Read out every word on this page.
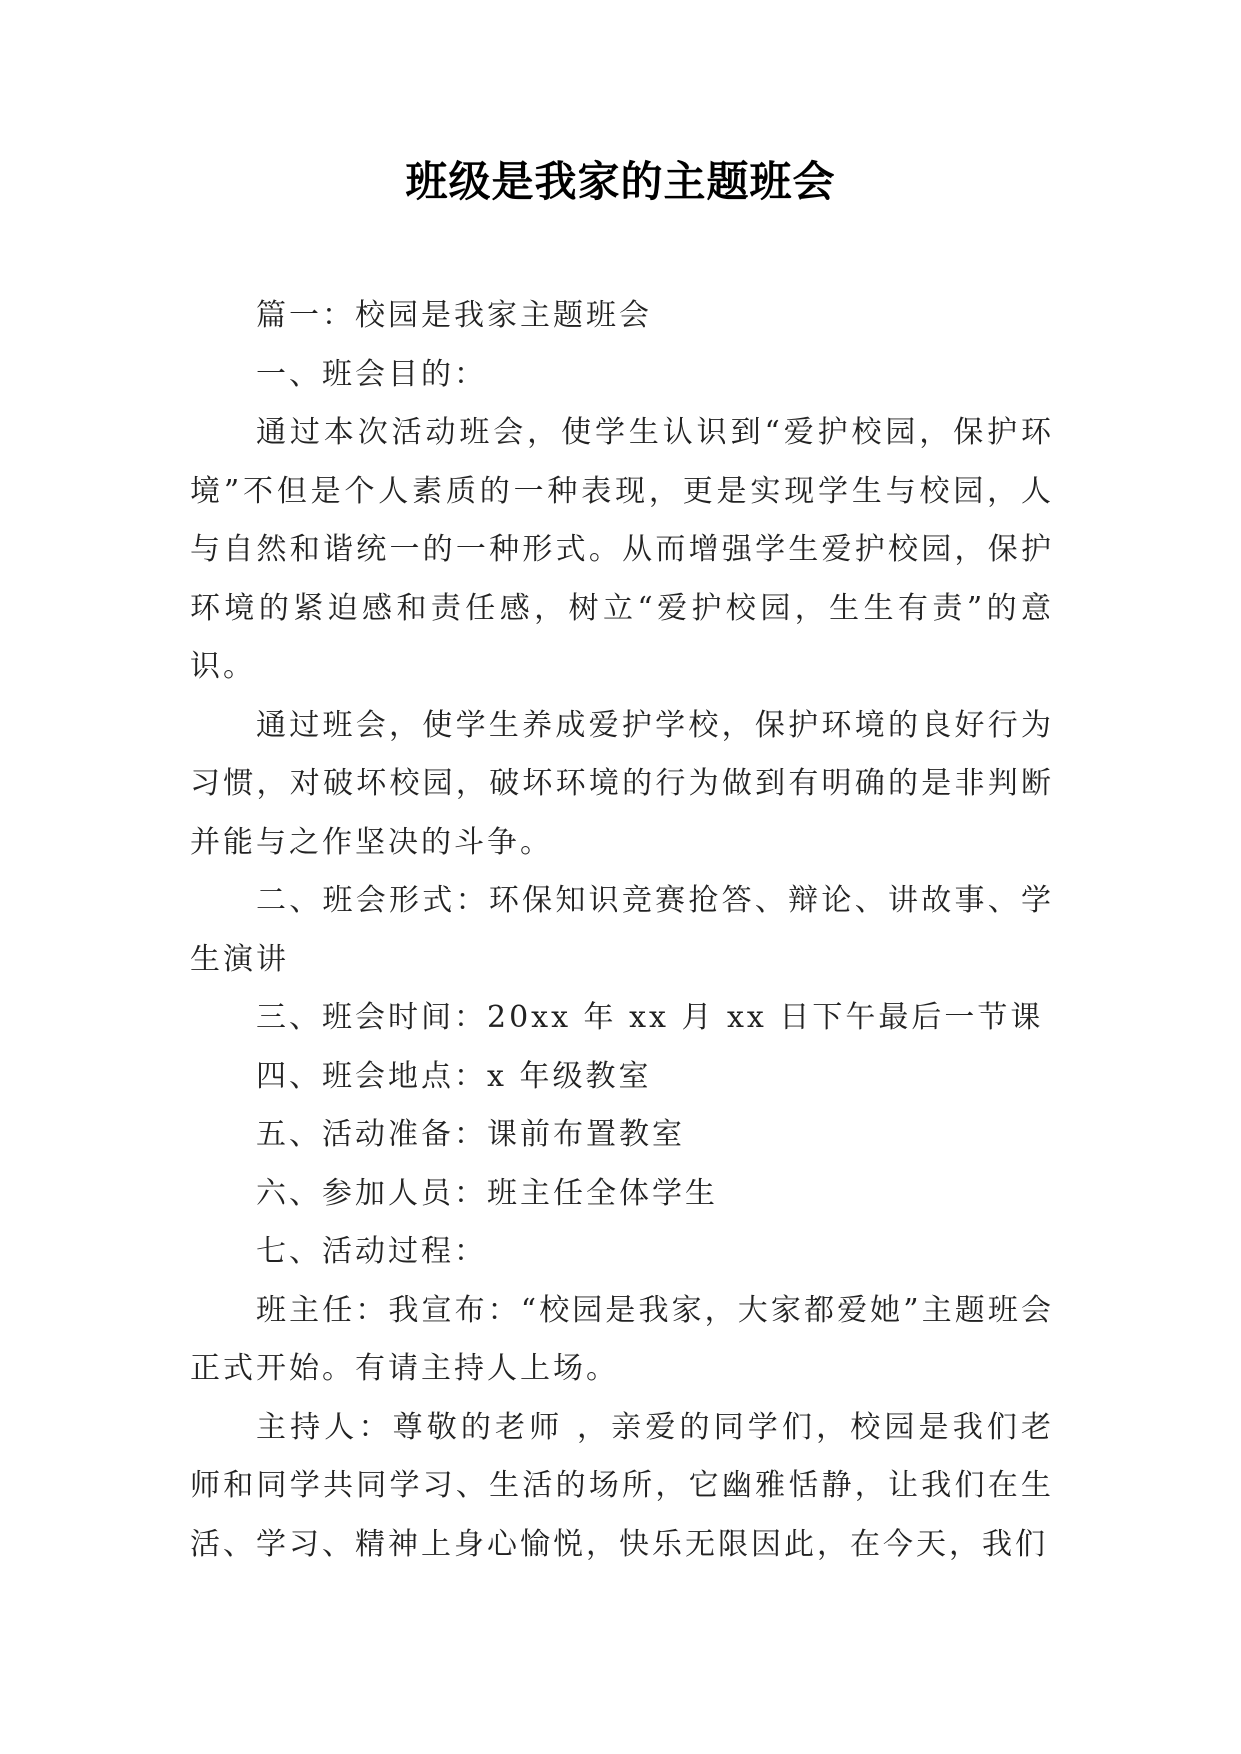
班级是我家的主题班会

篇一：校园是我家主题班会

一、班会目的：

通过本次活动班会，使学生认识到“爱护校园，保护环境”不但是个人素质的一种表现，更是实现学生与校园，人与自然和谐统一的一种形式。从而增强学生爱护校园，保护环境的紧迫感和责任感，树立“爱护校园，生生有责”的意识。

通过班会，使学生养成爱护学校，保护环境的良好行为习惯，对破坏校园，破坏环境的行为做到有明确的是非判断并能与之作坚决的斗争。

二、班会形式：环保知识竞赛抢答、辩论、讲故事、学生演讲

三、班会时间：20xx 年 xx 月 xx 日下午最后一节课

四、班会地点：x 年级教室

五、活动准备：课前布置教室

六、参加人员：班主任全体学生

七、活动过程：

班主任：我宣布：“校园是我家，大家都爱她”主题班会正式开始。有请主持人上场。

主持人：尊敬的老师 ，亲爱的同学们，校园是我们老师和同学共同学习、生活的场所，它幽雅恬静，让我们在生活、学习、精神上身心愉悦，快乐无限因此，在今天，我们
